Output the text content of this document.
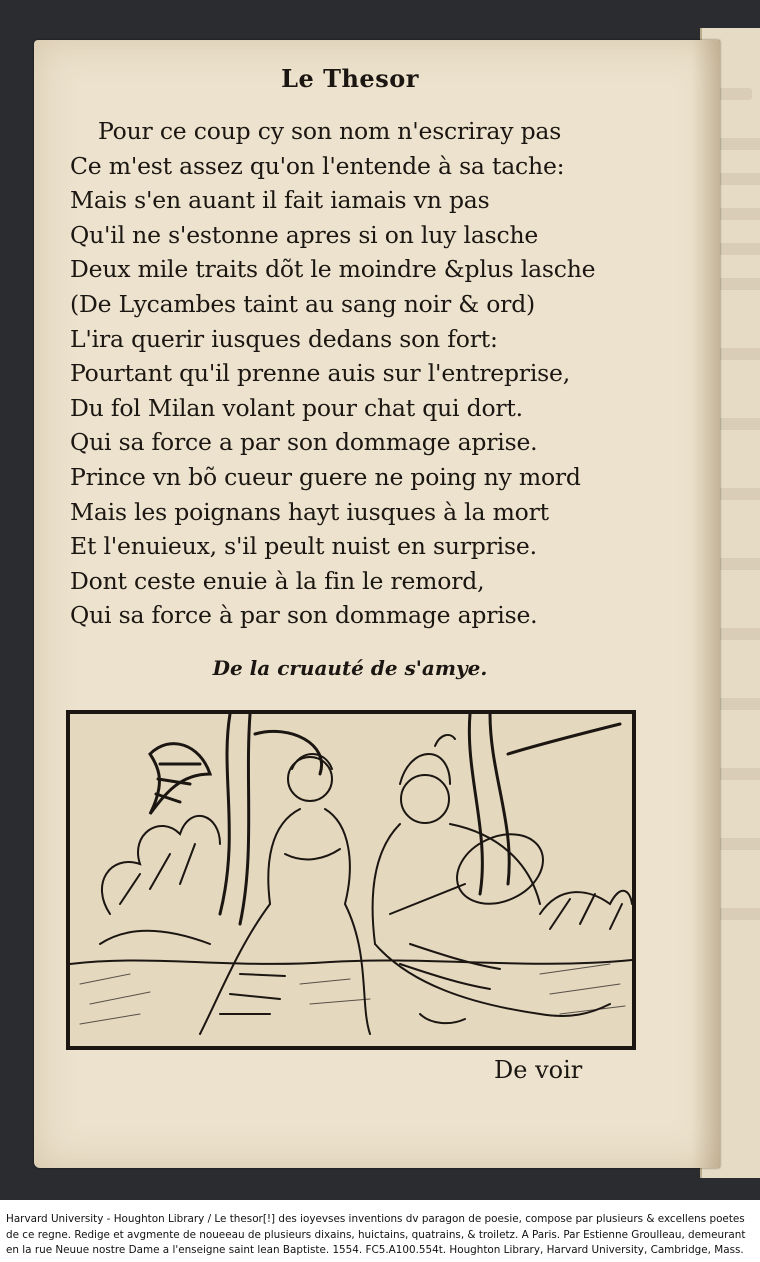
Le Thesor
Pour ce coup cy son nom n'escriray pas
Ce m'est assez qu'on l'entende à sa tache:
Mais s'en auant il fait iamais vn pas
Qu'il ne s'estonne apres si on luy lasche
Deux mile traits dõt le moindre &plus lasche
(De Lycambes taint au sang noir & ord)
L'ira querir iusques dedans son fort:
Pourtant qu'il prenne auis sur l'entreprise,
Du fol Milan volant pour chat qui dort.
Qui sa force a par son dommage aprise.
Prince vn bõ cueur guere ne poing ny mord
Mais les poignans hayt iusques à la mort
Et l'enuieux, s'il peult nuist en surprise.
Dont ceste enuie à la fin le remord,
Qui sa force à par son dommage aprise.
De la cruauté de s'amye.
De voir
Harvard University - Houghton Library / Le thesor[!] des ioyevses inventions dv paragon de poesie, compose par plusieurs & excellens poetes de ce regne. Redige et avgmente de noueeau de plusieurs dixains, huictains, quatrains, & troiletz. A Paris. Par Estienne Groulleau, demeurant en la rue Neuue nostre Dame a l'enseigne saint lean Baptiste. 1554. FC5.A100.554t. Houghton Library, Harvard University, Cambridge, Mass.
